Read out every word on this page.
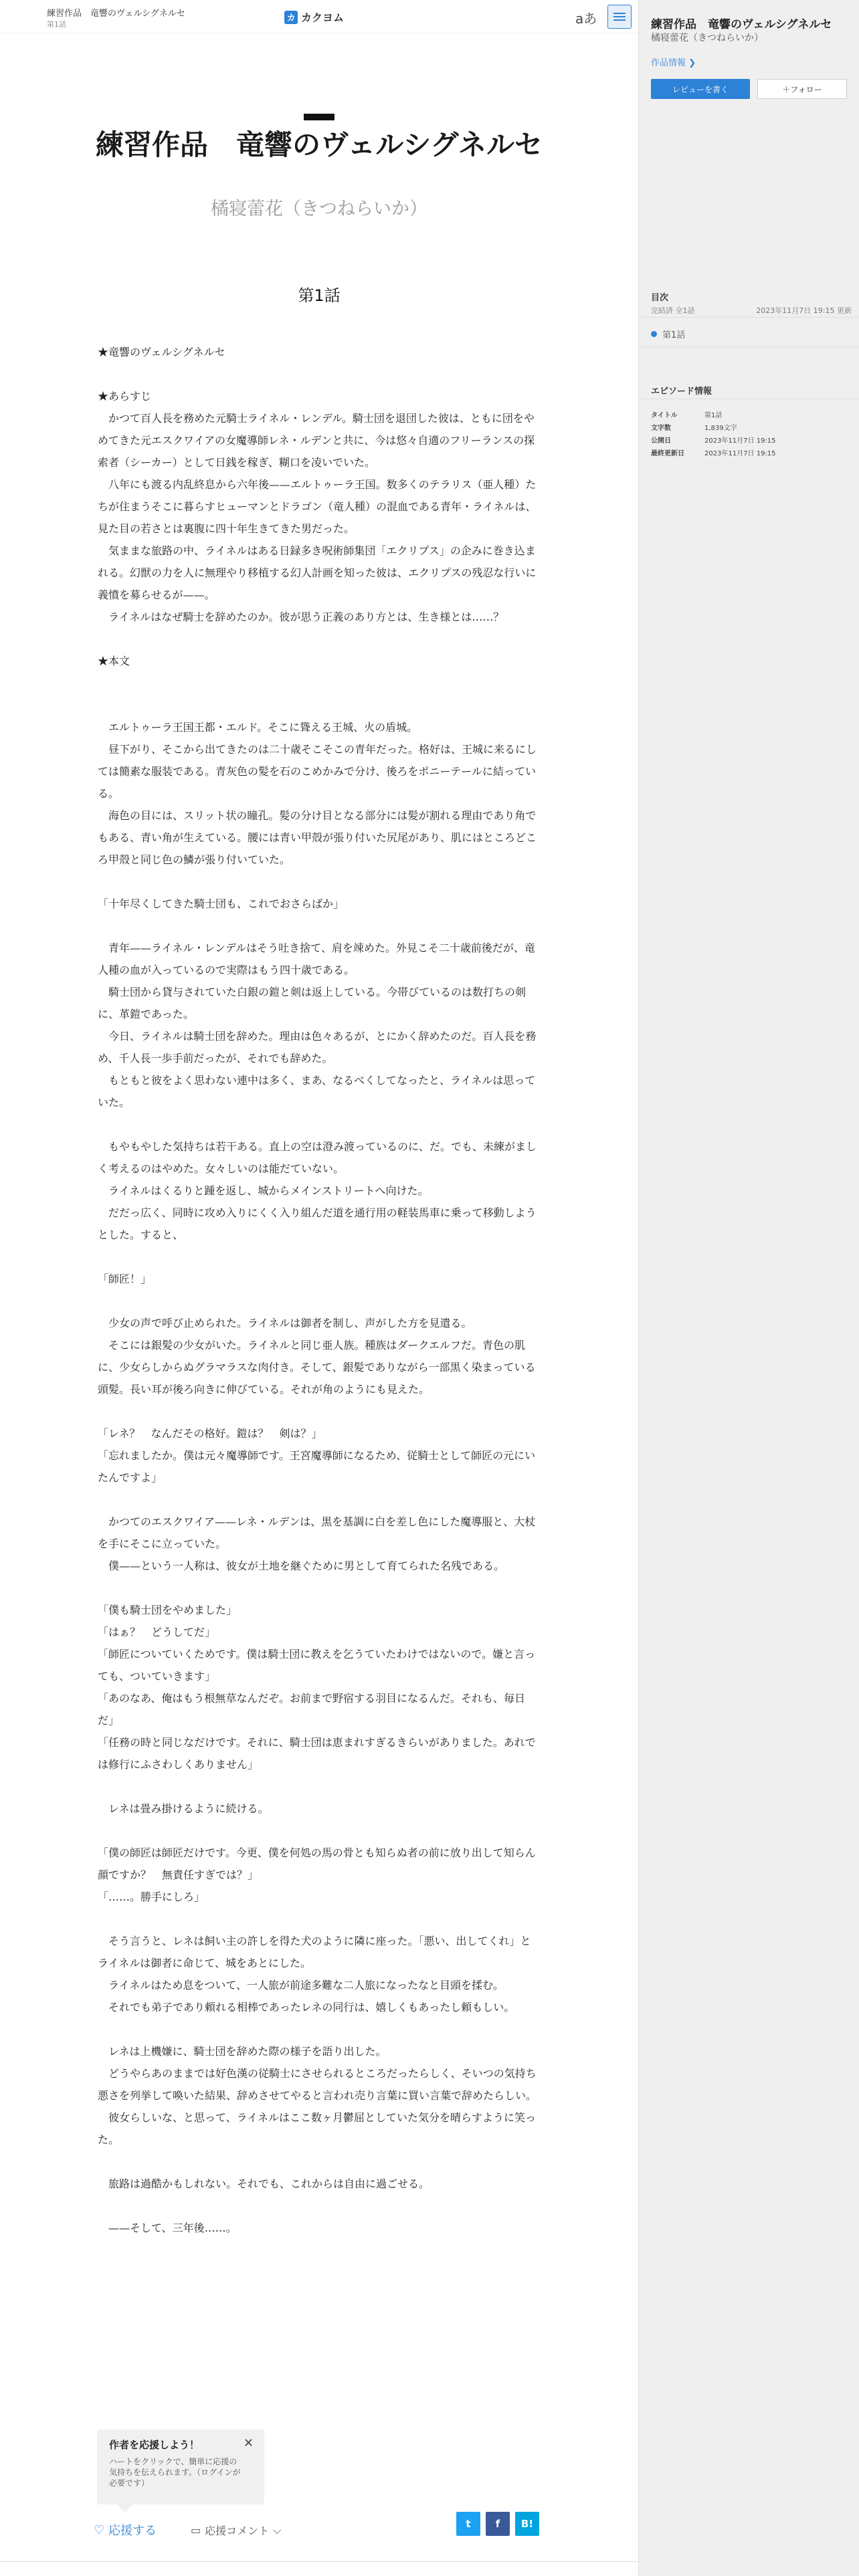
練習作品　竜響のヴェルシグネルセ
第1話
カ カクヨム	aあ
練習作品　竜響のヴェルシグネルセ
橘寝蕾花（きつねらいか）
第1話

★竜響のヴェルシグネルセ

★あらすじ

　かつて百人長を務めた元騎士ライネル・レンデル。騎士団を退団した彼は、ともに団をやめてきた元エスクワイアの女魔導師レネ・ルデンと共に、今は悠々自適のフリーランスの探索者（シーカー）として日銭を稼ぎ、糊口を凌いでいた。

　八年にも渡る内乱終息から六年後——エルトゥーラ王国。数多くのテラリス（亜人種）たちが住まうそこに暮らすヒューマンとドラゴン（竜人種）の混血である青年・ライネルは、見た目の若さとは裏腹に四十年生きてきた男だった。

　気ままな旅路の中、ライネルはある日録多き呪術師集団「エクリプス」の企みに巻き込まれる。幻獣の力を人に無理やり移植する幻人計画を知った彼は、エクリプスの残忍な行いに義憤を募らせるが——。

　ライネルはなぜ騎士を辞めたのか。彼が思う正義のあり方とは、生き様とは……？

★本文

　エルトゥーラ王国王都・エルド。そこに聳える王城、火の盾城。

　昼下がり、そこから出てきたのは二十歳そこそこの青年だった。格好は、王城に来るにしては簡素な服装である。青灰色の髪を石のこめかみで分け、後ろをポニーテールに結っている。

　海色の目には、スリット状の瞳孔。髪の分け目となる部分には髪が割れる理由であり角でもある、青い角が生えている。腰には青い甲殻が張り付いた尻尾があり、肌にはところどころ甲殻と同じ色の鱗が張り付いていた。

「十年尽くしてきた騎士団も、これでおさらばか」

　青年——ライネル・レンデルはそう吐き捨て、肩を竦めた。外見こそ二十歳前後だが、竜人種の血が入っているので実際はもう四十歳である。

　騎士団から貸与されていた白銀の鎧と剣は返上している。今帯びているのは数打ちの剣に、革鎧であった。

　今日、ライネルは騎士団を辞めた。理由は色々あるが、とにかく辞めたのだ。百人長を務め、千人長一歩手前だったが、それでも辞めた。

　もともと彼をよく思わない連中は多く、まあ、なるべくしてなったと、ライネルは思っていた。

　もやもやした気持ちは若干ある。直上の空は澄み渡っているのに、だ。でも、未練がましく考えるのはやめた。女々しいのは能だていない。

　ライネルはくるりと踵を返し、城からメインストリートへ向けた。

　だだっ広く、同時に攻め入りにくく入り組んだ道を通行用の軽装馬車に乗って移動しようとした。すると、

「師匠！」

　少女の声で呼び止められた。ライネルは御者を制し、声がした方を見遣る。

　そこには銀髪の少女がいた。ライネルと同じ亜人族。種族はダークエルフだ。青色の肌に、少女らしからぬグラマラスな肉付き。そして、銀髪でありながら一部黒く染まっている頭髪。長い耳が後ろ向きに伸びている。それが角のようにも見えた。

「レネ？　なんだその格好。鎧は？　剣は？」

「忘れましたか。僕は元々魔導師です。王宮魔導師になるため、従騎士として師匠の元にいたんですよ」

　かつてのエスクワイア——レネ・ルデンは、黒を基調に白を差し色にした魔導服と、大杖を手にそこに立っていた。

　僕——という一人称は、彼女が土地を継ぐために男として育てられた名残である。

「僕も騎士団をやめました」

「はぁ？　どうしてだ」

「師匠についていくためです。僕は騎士団に教えを乞うていたわけではないので。嫌と言っても、ついていきます」

「あのなあ、俺はもう根無草なんだぞ。お前まで野宿する羽目になるんだ。それも、毎日だ」

「任務の時と同じなだけです。それに、騎士団は恵まれすぎるきらいがありました。あれでは修行にふさわしくありません」

　レネは畳み掛けるように続ける。

「僕の師匠は師匠だけです。今更、僕を何処の馬の骨とも知らぬ者の前に放り出して知らん顔ですか？　無責任すぎでは？」

「……。勝手にしろ」

　そう言うと、レネは飼い主の許しを得た犬のように隣に座った。「悪い、出してくれ」とライネルは御者に命じて、城をあとにした。

　ライネルはため息をついて、一人旅が前途多難な二人旅になったなと目頭を揉む。

　それでも弟子であり頼れる相棒であったレネの同行は、嬉しくもあったし頼もしい。

　レネは上機嫌に、騎士団を辞めた際の様子を語り出した。

　どうやらあのままでは好色漢の従騎士にさせられるところだったらしく、そいつの気持ち悪さを列挙して喚いた結果、辞めさせてやると言われ売り言葉に買い言葉で辞めたらしい。

　彼女らしいな、と思って、ライネルはここ数ヶ月鬱屈としていた気分を晴らすように笑った。

　旅路は過酷かもしれない。それでも、これからは自由に過ごせる。

　——そして、三年後……。

作者を応援しよう！
ハートをクリックで、簡単に応援の気持ちを伝えられます。（ログインが必要です）
✕
♡ 応援する	▭ 応援コメント ⌵	t	f	B!
練習作品　竜響のヴェルシグネルセ
橘寝蕾花（きつねらいか）
作品情報 ❯
レビューを書く	＋フォロー
目次
完結済 全1話	2023年11月7日 19:15 更新
第1話
エピソード情報
タイトル	第1話
文字数	1,839文字
公開日	2023年11月7日 19:15
最終更新日	2023年11月7日 19:15
